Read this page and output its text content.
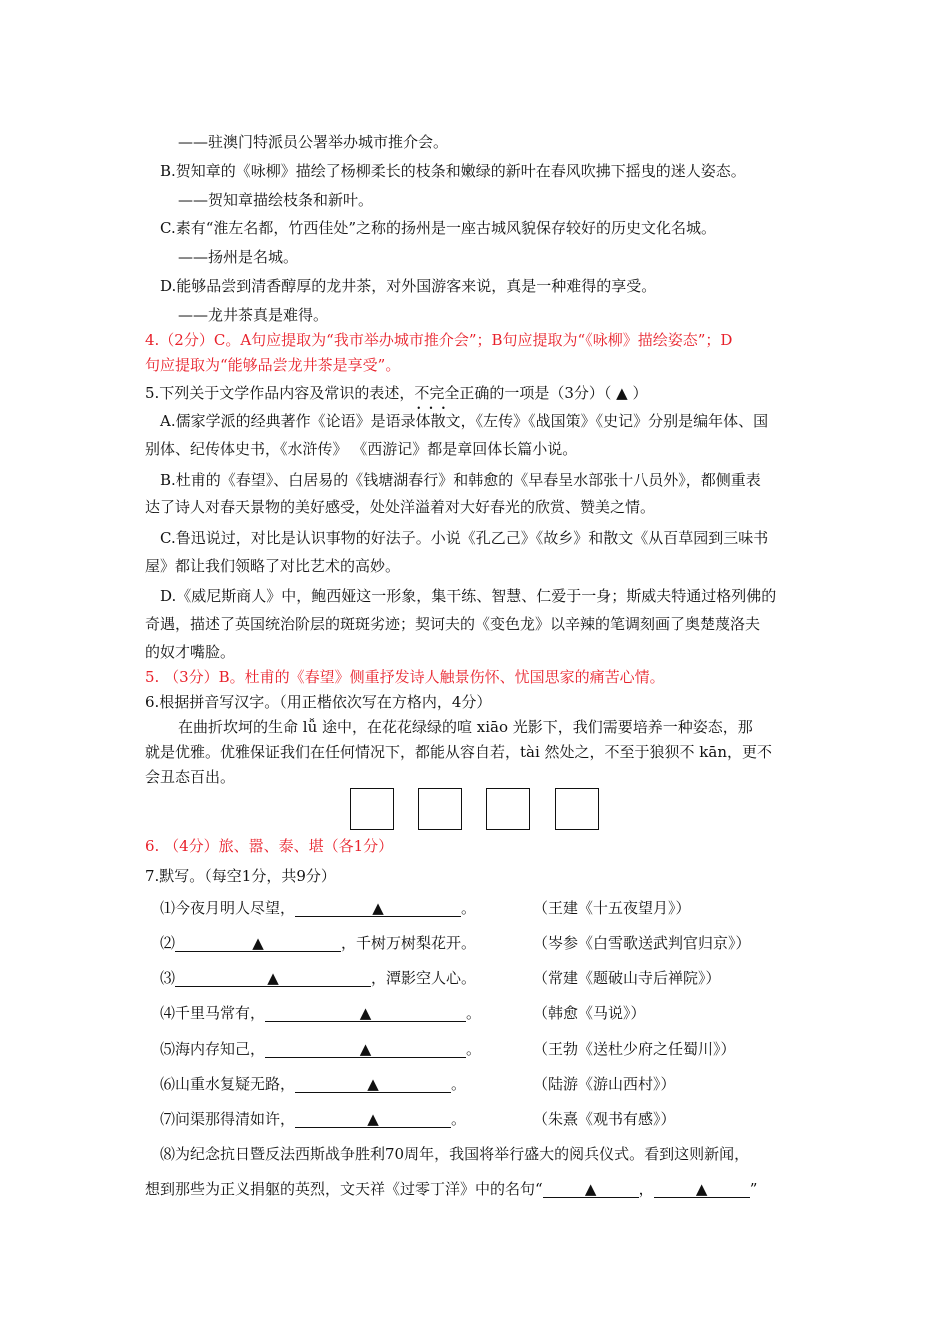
——驻澳门特派员公署举办城市推介会。
B.贺知章的《咏柳》描绘了杨柳柔长的枝条和嫩绿的新叶在春风吹拂下摇曳的迷人姿态。
——贺知章描绘枝条和新叶。
C.素有“淮左名都，竹西佳处”之称的扬州是一座古城风貌保存较好的历史文化名城。
——扬州是名城。
D.能够品尝到清香醇厚的龙井茶，对外国游客来说，真是一种难得的享受。
——龙井茶真是难得。
4.（2分）C。A句应提取为“我市举办城市推介会”；B句应提取为“《咏柳》描绘姿态”；D
句应提取为“能够品尝龙井茶是享受”。
5.下列关于文学作品内容及常识的表述，不完全 •   •正确的一项是（3分）（ ▲ ）
A.儒家学派的经典著作《论语》是语录体散文，《左传》《战国策》《史记》分别是编年体、国
别体、纪传体史书，《水浒传》 《西游记》都是章回体长篇小说。
B.杜甫的《春望》、白居易的《钱塘湖春行》和韩愈的《早春呈水部张十八员外》，都侧重表
达了诗人对春天景物的美好感受，处处洋溢着对大好春光的欣赏、赞美之情。
C.鲁迅说过，对比是认识事物的好法子。小说《孔乙己》《故乡》和散文《从百草园到三味书
屋》都让我们领略了对比艺术的高妙。
D.《威尼斯商人》中，鲍西娅这一形象，集干练、智慧、仁爱于一身；斯威夫特通过格列佛的
奇遇，描述了英国统治阶层的斑斑劣迹；契诃夫的《变色龙》以辛辣的笔调刻画了奥楚蔑洛夫
的奴才嘴脸。
5. （3分）B。杜甫的《春望》侧重抒发诗人触景伤怀、忧国思家的痛苦心情。
6.根据拼音写汉字。（用正楷依次写在方格内，4分）
在曲折坎坷的生命 lǚ 途中，在花花绿绿的喧 xiāo 光影下，我们需要培养一种姿态，那
就是优雅。优雅保证我们在任何情况下，都能从容自若，tài 然处之，不至于狼狈不 kān，更不
会丑态百出。
6. （4分）旅、嚣、泰、堪（各1分）
7.默写。（每空1分，共9分）
⑴今夜月明人尽望，	▲	。	（王建《十五夜望月》）
⑵	▲	，千树万树梨花开。	（岑参《白雪歌送武判官归京》）
⑶	▲	，潭影空人心。	（常建《题破山寺后禅院》）
⑷千里马常有，	▲	。	（韩愈《马说》）
⑸海内存知己，	▲	。	（王勃《送杜少府之任蜀川》）
⑹山重水复疑无路，	▲	。	（陆游《游山西村》）
⑺问渠那得清如许，	▲	。	（朱熹《观书有感》）
⑻为纪念抗日暨反法西斯战争胜利70周年，我国将举行盛大的阅兵仪式。看到这则新闻，
想到那些为正义捐躯的英烈，文天祥《过零丁洋》中的名句“	▲	，	▲	”
